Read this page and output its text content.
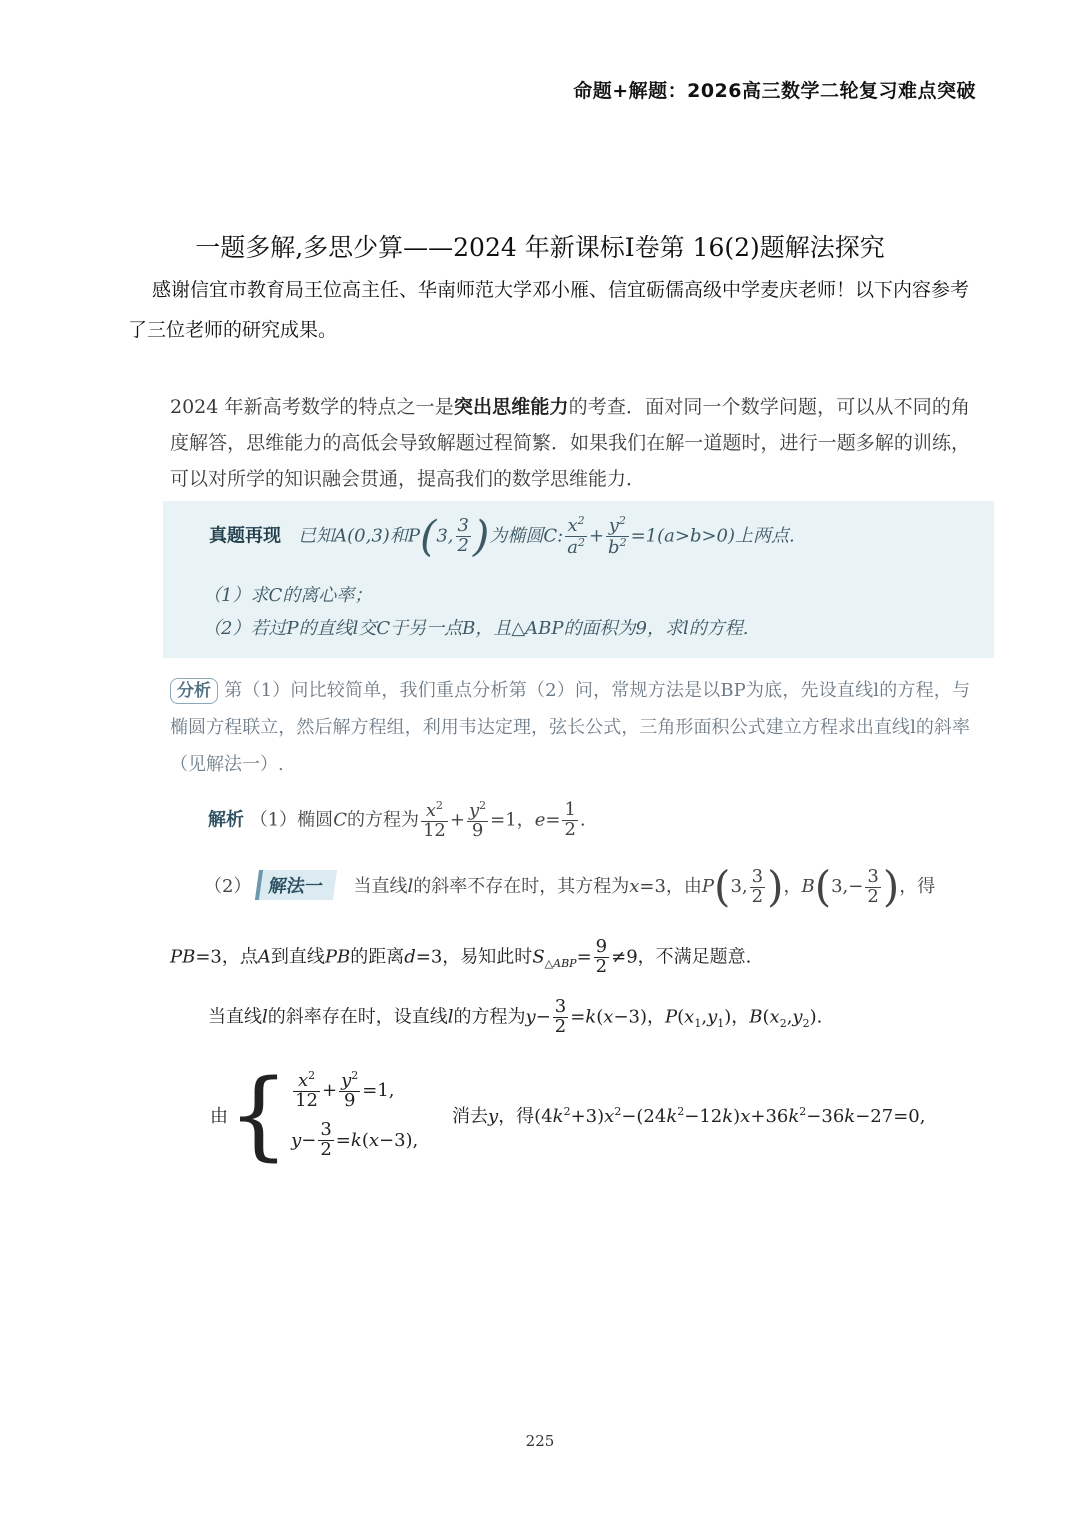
命题+解题：2026高三数学二轮复习难点突破
一题多解,多思少算——2024 年新课标I卷第 16(2)题解法探究
感谢信宜市教育局王位高主任、华南师范大学邓小雁、信宜砺儒高级中学麦庆老师！以下内容参考了三位老师的研究成果。
2024 年新高考数学的特点之一是突出思维能力的考查．面对同一个数学问题，可以从不同的角度解答，思维能力的高低会导致解题过程简繁．如果我们在解一道题时，进行一题多解的训练，可以对所学的知识融会贯通，提高我们的数学思维能力．
真题再现   已知A(0,3)和P(3, $\frac{3}{2}$ )为椭圆C: $\frac{x^2}{a^2} + \frac{y^2}{b^2} =1(a>b>0)$上两点.
（1）求C的离心率；
（2）若过P的直线l交C于另一点B，且△ABP的面积为9，求l的方程.
分析 第（1）问比较简单，我们重点分析第（2）问，常规方法是以BP为底，先设直线l的方程，与椭圆方程联立，然后解方程组，利用韦达定理，弦长公式，三角形面积公式建立方程求出直线l的斜率（见解法一）.
解析 （1）椭圆C的方程为 $\frac{x^2}{12} + \frac{y^2}{9} =1$，$e= \frac{1}{2}$ .
（2） 解法一 当直线l的斜率不存在时，其方程为x=3，由P(3, $\frac{3}{2}$ )，$B(3,- \frac{3}{2}$ )，得
PB=3，点A到直线PB的距离d=3，易知此时$S_{\triangle ABP}= \frac{9}{2} \ne 9$，不满足题意.
当直线l的斜率存在时，设直线l的方程为$y- \frac{3}{2} =k(x-3)$，$P(x_1,y_1)$，$B(x_2,y_2)$.
由{ $\frac{x^2}{12} + \frac{y^2}{9} =1$,
$y - \frac{3}{2} = k$ ( x −3),
消去y，得$(4k^2+3)x^2-(24k^2-12k)x+36k^2-36k-27=0$,
225
